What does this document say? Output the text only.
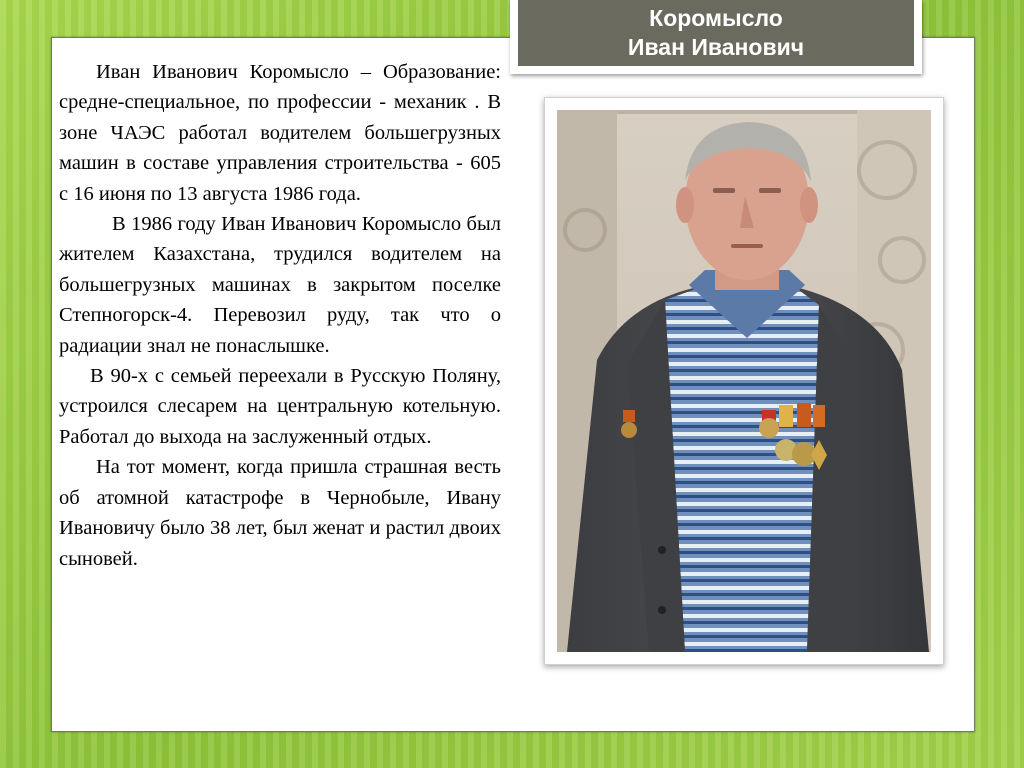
Коромысло
Иван Иванович

Иван Иванович Коромысло – Образование: средне-специальное, по профессии - механик . В зоне ЧАЭС работал водителем большегрузных машин в составе управления строительства - 605 с 16 июня по 13 августа 1986 года.

В 1986 году Иван Иванович Коромысло был жителем Казахстана, трудился водителем на большегрузных машинах в закрытом поселке Степногорск-4. Перевозил руду, так что о радиации знал не понаслышке.

В 90-х с семьей переехали в Русскую Поляну, устроился слесарем на центральную котельную. Работал до выхода на заслуженный отдых.

На тот момент, когда пришла страшная весть об атомной катастрофе в Чернобыле, Ивану Ивановичу было 38 лет, был женат и растил двоих сыновей.
